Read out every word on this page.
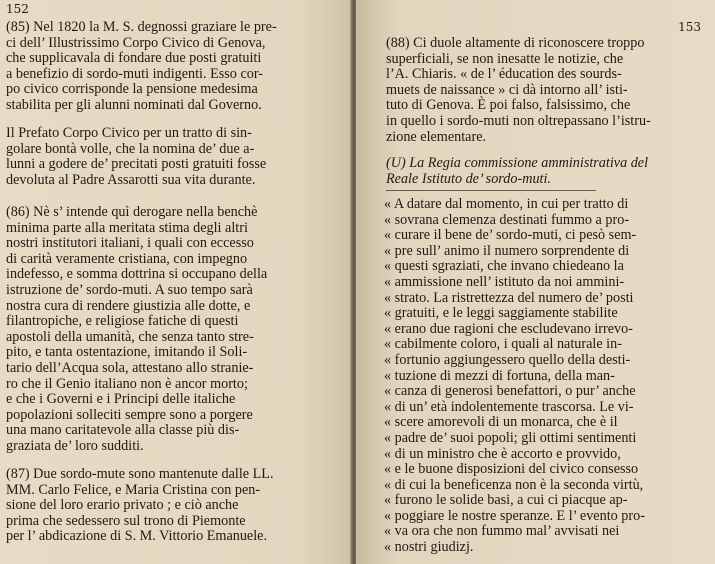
152
(85) Nel 1820 la M. S. degnossi graziare le pre-
ci dell’ Illustrissimo Corpo Civico di Genova,
che supplicavala di fondare due posti gratuiti
a benefizio di sordo-muti indigenti. Esso cor-
po civico corrisponde la pensione medesima
stabilita per gli alunni nominati dal Governo.
Il Prefato Corpo Civico per un tratto di sin-
golare bontà volle, che la nomina de’ due a-
lunni a godere de’ precitati posti gratuiti fosse
devoluta al Padre Assarotti sua vita durante.
(86) Nè s’ intende quì derogare nella benchè
minima parte alla meritata stima degli altri
nostri institutori italiani, i quali con eccesso
di carità veramente cristiana, con impegno
indefesso, e somma dottrina si occupano della
istruzione de’ sordo-muti. A suo tempo sarà
nostra cura di rendere giustizia alle dotte, e
filantropiche, e religiose fatiche di questi
apostoli della umanità, che senza tanto stre-
pito, e tanta ostentazione, imitando il Soli-
tario dell’Acqua sola, attestano allo stranie-
ro che il Genio italiano non è ancor morto;
e che i Governi e i Principi delle italiche
popolazioni solleciti sempre sono a porgere
una mano caritatevole alla classe più dis-
graziata de’ loro sudditi.
(87) Due sordo-mute sono mantenute dalle LL.
MM. Carlo Felice, e Maria Cristina con pen-
sione del loro erario privato ; e ciò anche
prima che sedessero sul trono di Piemonte
per l’ abdicazione di S. M. Vittorio Emanuele.
153
(88) Ci duole altamente di riconoscere troppo
superficiali, se non inesatte le notizie, che
l’A. Chiaris. « de l’ éducation des sourds-
muets de naissance » ci dà intorno all’ isti-
tuto di Genova. È poi falso, falsissimo, che
in quello i sordo-muti non oltrepassano l’istru-
zione elementare.
(U) La Regia commissione amministrativa del
Reale Istituto de’ sordo-muti.
« A datare dal momento, in cui per tratto di
« sovrana clemenza destinati fummo a pro-
« curare il bene de’ sordo-muti, ci pesò sem-
« pre sull’ animo il numero sorprendente di
« questi sgraziati, che invano chiedeano la
« ammissione nell’ istituto da noi ammini-
« strato. La ristrettezza del numero de’ posti
« gratuiti, e le leggi saggiamente stabilite
« erano due ragioni che escludevano irrevo-
« cabilmente coloro, i quali al naturale in-
« fortunio aggiungessero quello della desti-
« tuzione di mezzi di fortuna, della man-
« canza di generosi benefattori, o pur’ anche
« di un’ età indolentemente trascorsa. Le vi-
« scere amorevoli di un monarca, che è il
« padre de’ suoi popoli; gli ottimi sentimenti
« di un ministro che è accorto e provvido,
« e le buone disposizioni del civico consesso
« di cui la beneficenza non è la seconda virtù,
« furono le solide basi, a cui ci piacque ap-
« poggiare le nostre speranze. E l’ evento pro-
« va ora che non fummo mal’ avvisati nei
« nostri giudizj.
